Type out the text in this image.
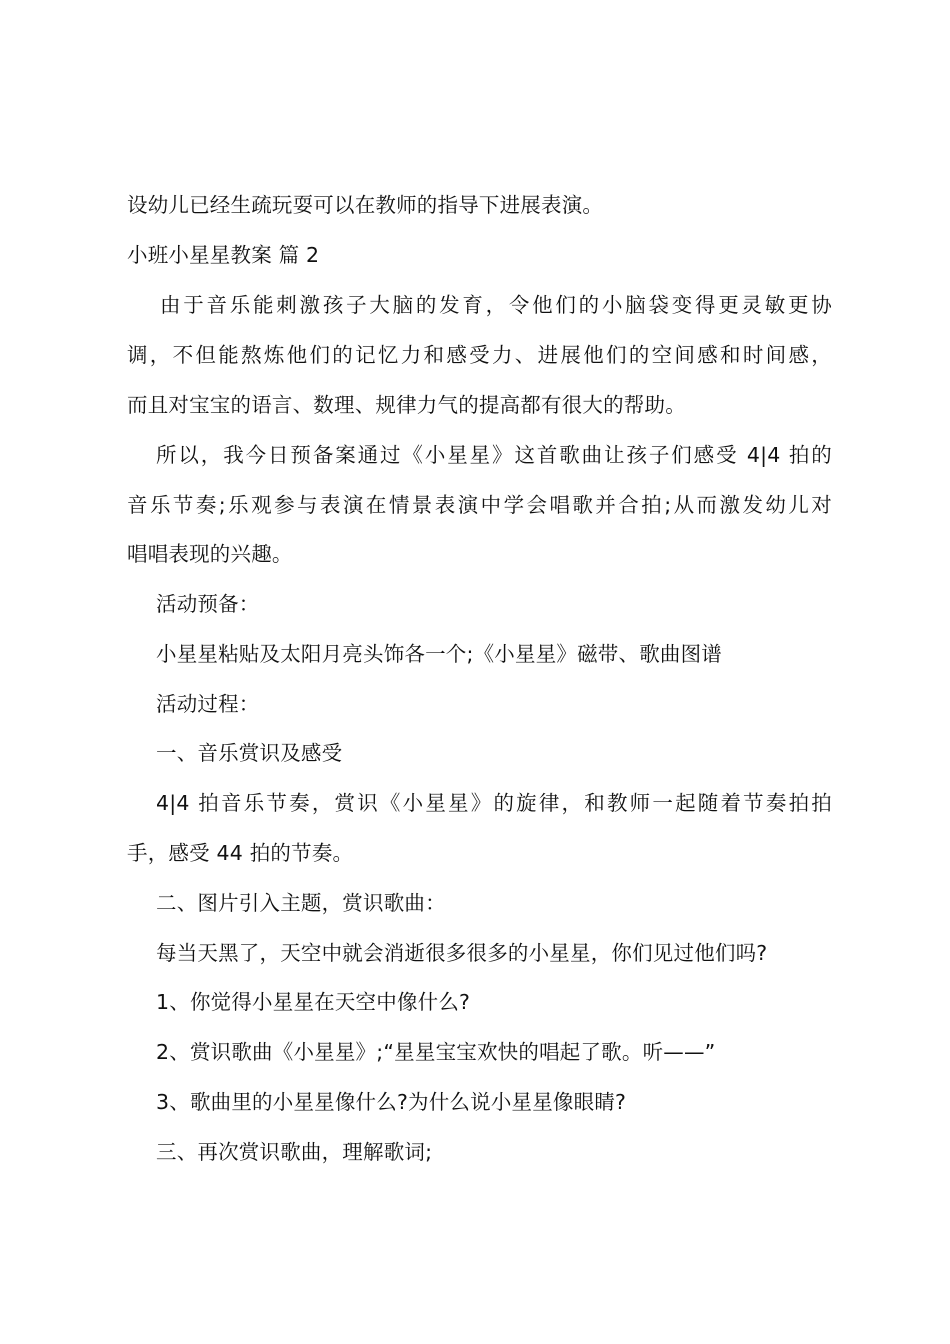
设幼儿已经生疏玩耍可以在教师的指导下进展表演。
小班小星星教案 篇 2
由于音乐能刺激孩子大脑的发育，令他们的小脑袋变得更灵敏更协
调，不但能熬炼他们的记忆力和感受力、进展他们的空间感和时间感，
而且对宝宝的语言、数理、规律力气的提高都有很大的帮助。
所以，我今日预备案通过《小星星》这首歌曲让孩子们感受 4|4 拍的
音乐节奏;乐观参与表演在情景表演中学会唱歌并合拍;从而激发幼儿对
唱唱表现的兴趣。
活动预备：
小星星粘贴及太阳月亮头饰各一个;《小星星》磁带、歌曲图谱
活动过程：
一、音乐赏识及感受
4|4 拍音乐节奏，赏识《小星星》的旋律，和教师一起随着节奏拍拍
手，感受 44 拍的节奏。
二、图片引入主题，赏识歌曲：
每当天黑了，天空中就会消逝很多很多的小星星，你们见过他们吗?
1、你觉得小星星在天空中像什么?
2、赏识歌曲《小星星》;“星星宝宝欢快的唱起了歌。听——”
3、歌曲里的小星星像什么?为什么说小星星像眼睛?
三、再次赏识歌曲，理解歌词;
